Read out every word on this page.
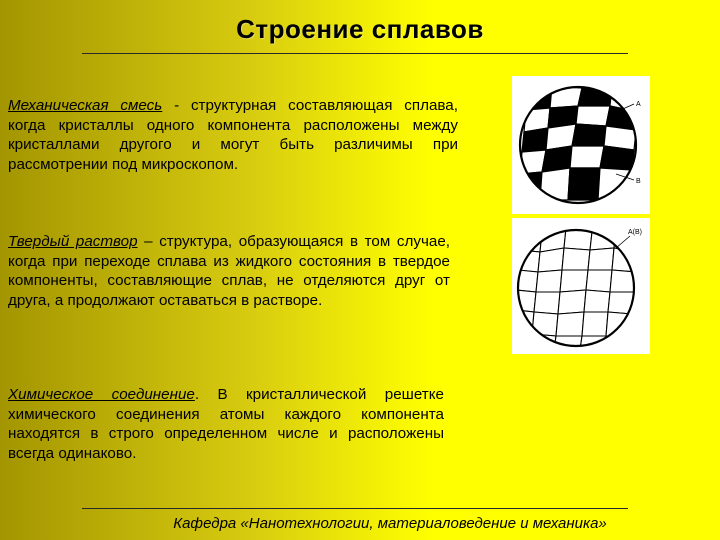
Строение сплавов
Механическая смесь - структурная составляющая сплава, когда кристаллы одного компонента расположены между кристаллами другого и могут быть различимы при рассмотрении под микроскопом.
Твердый раствор – структура, образующаяся в том случае, когда при переходе сплава из жидкого состояния в твердое компоненты, составляющие сплав, не отделяются друг от друга, а продолжают оставаться в растворе.
Химическое соединение. В кристаллической решетке химического соединения атомы каждого компонента находятся в строго определенном числе и расположены всегда одинаково.
A
B
A(B)
Кафедра «Нанотехнологии, материаловедение и механика»
